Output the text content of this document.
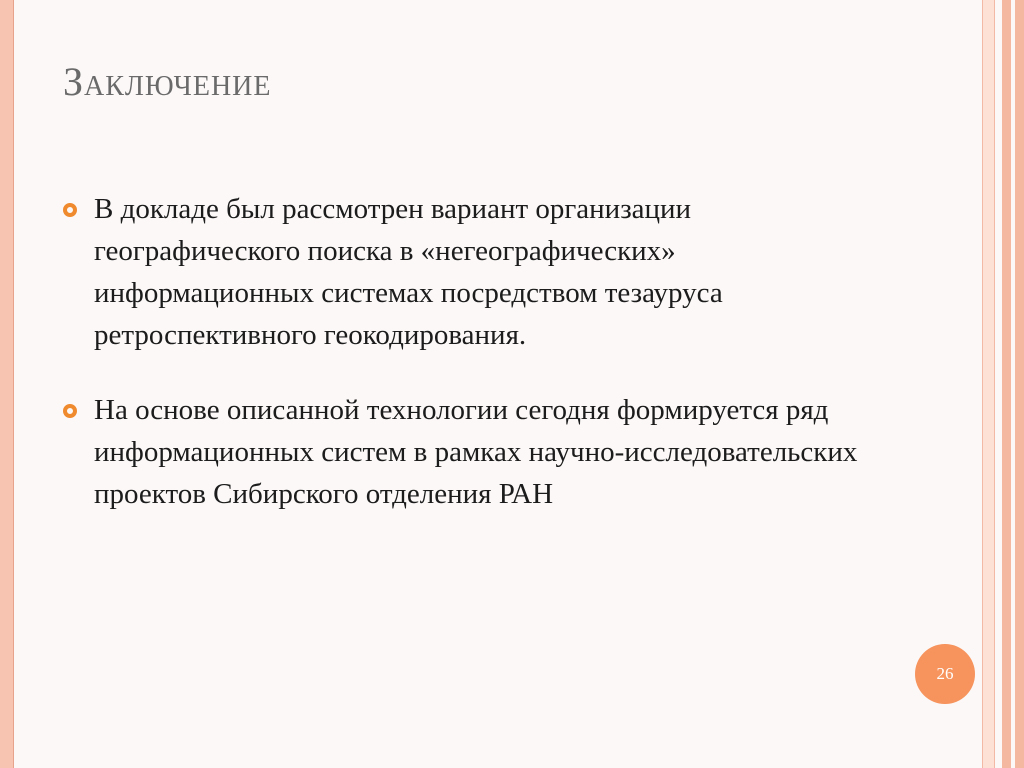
Заключение
В докладе был рассмотрен вариант организации географического поиска в «негеографических» информационных системах посредством тезауруса ретроспективного геокодирования.
На основе описанной технологии сегодня формируется ряд информационных систем в рамках научно-исследовательских проектов Сибирского отделения РАН
26
